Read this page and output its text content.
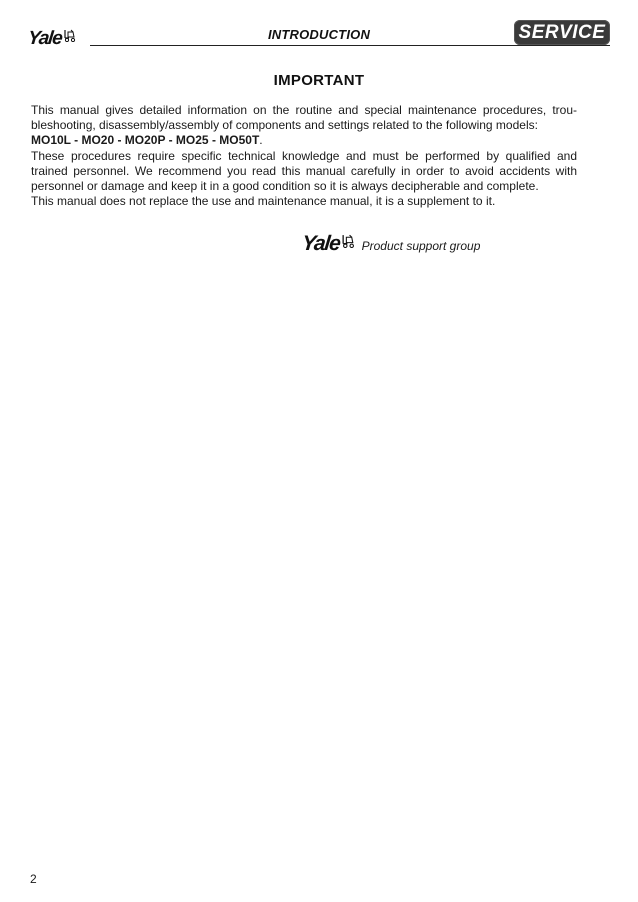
Yale	INTRODUCTION	SERVICE
IMPORTANT

This manual gives detailed information on the routine and special maintenance procedures, trou-bleshooting, disassembly/assembly of components and settings related to the following models:
MO10L - MO20 - MO20P - MO25 - MO50T.

These procedures require specific technical knowledge and must be performed by qualified and trained personnel. We recommend you read this manual carefully in order to avoid accidents with personnel or damage and keep it in a good condition so it is always decipherable and complete.

This manual does not replace the use and maintenance manual, it is a supplement to it.

Yale Product support group
2
